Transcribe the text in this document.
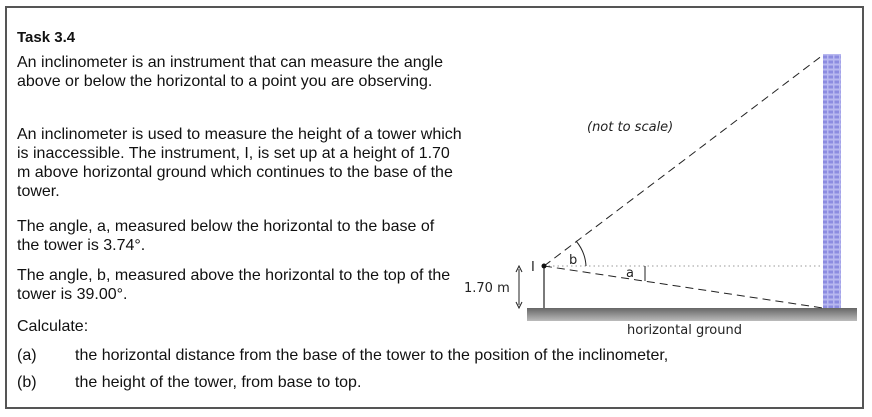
Task 3.4
An inclinometer is an instrument that can measure the angle above or below the horizontal to a point you are observing.
An inclinometer is used to measure the height of a tower which is inaccessible. The instrument, I, is set up at a height of 1.70 m above horizontal ground which continues to the base of the tower.
The angle, a, measured below the horizontal to the base of the tower is 3.74°.
The angle, b, measured above the horizontal to the top of the tower is 39.00°.
Calculate:
(a) the horizontal distance from the base of the tower to the position of the inclinometer,
(b) the height of the tower, from base to top.
(not to scale)
I
1.70 m
b
a
horizontal ground
